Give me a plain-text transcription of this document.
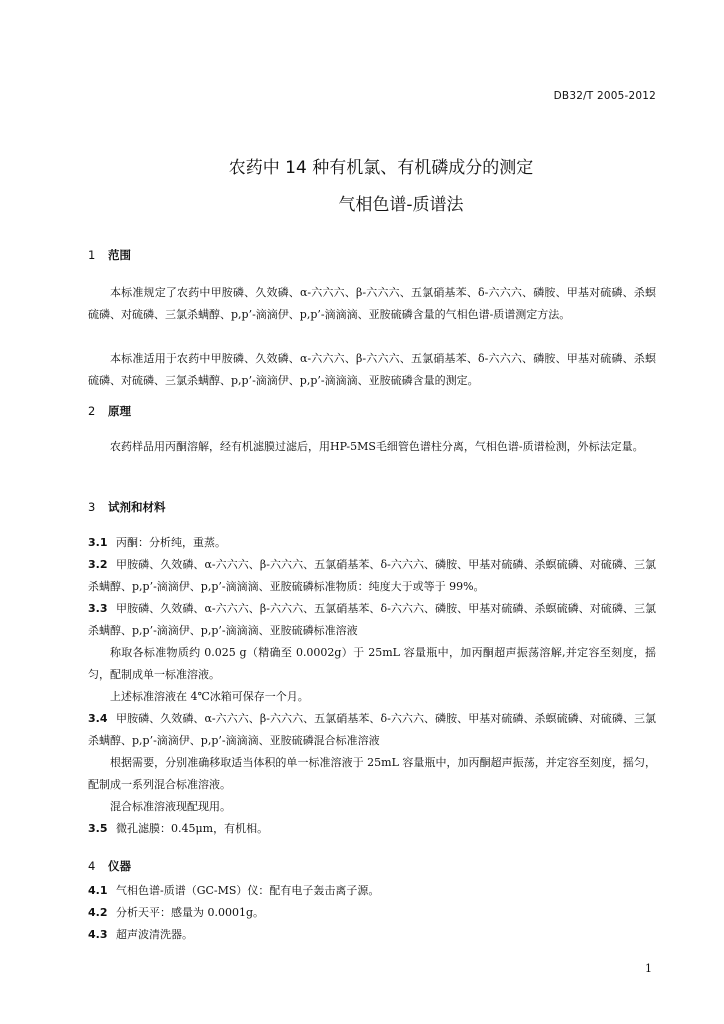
DB32/T 2005-2012
农药中 14 种有机氯、有机磷成分的测定
气相色谱-质谱法
1 范围
本标准规定了农药中甲胺磷、久效磷、α-六六六、β-六六六、五氯硝基苯、δ-六六六、磷胺、甲基对硫磷、杀螟硫磷、对硫磷、三氯杀螨醇、p,p’-滴滴伊、p,p’-滴滴滴、亚胺硫磷含量的气相色谱-质谱测定方法。
本标准适用于农药中甲胺磷、久效磷、α-六六六、β-六六六、五氯硝基苯、δ-六六六、磷胺、甲基对硫磷、杀螟硫磷、对硫磷、三氯杀螨醇、p,p’-滴滴伊、p,p’-滴滴滴、亚胺硫磷含量的测定。
2 原理
农药样品用丙酮溶解，经有机滤膜过滤后，用HP-5MS毛细管色谱柱分离，气相色谱-质谱检测，外标法定量。
3 试剂和材料
3.1 丙酮：分析纯，重蒸。
3.2 甲胺磷、久效磷、α-六六六、β-六六六、五氯硝基苯、δ-六六六、磷胺、甲基对硫磷、杀螟硫磷、对硫磷、三氯杀螨醇、p,p’-滴滴伊、p,p’-滴滴滴、亚胺硫磷标准物质：纯度大于或等于 99%。
3.3 甲胺磷、久效磷、α-六六六、β-六六六、五氯硝基苯、δ-六六六、磷胺、甲基对硫磷、杀螟硫磷、对硫磷、三氯杀螨醇、p,p’-滴滴伊、p,p’-滴滴滴、亚胺硫磷标准溶液
称取各标准物质约 0.025 g（精确至 0.0002g）于 25mL 容量瓶中，加丙酮超声振荡溶解,并定容至刻度，摇匀，配制成单一标准溶液。
上述标准溶液在 4℃冰箱可保存一个月。
3.4 甲胺磷、久效磷、α-六六六、β-六六六、五氯硝基苯、δ-六六六、磷胺、甲基对硫磷、杀螟硫磷、对硫磷、三氯杀螨醇、p,p’-滴滴伊、p,p’-滴滴滴、亚胺硫磷混合标准溶液
根据需要，分别准确移取适当体积的单一标准溶液于 25mL 容量瓶中，加丙酮超声振荡，并定容至刻度，摇匀，配制成一系列混合标准溶液。
混合标准溶液现配现用。
3.5 微孔滤膜：0.45μm，有机相。
4 仪器
4.1 气相色谱-质谱（GC-MS）仪：配有电子轰击离子源。
4.2 分析天平：感量为 0.0001g。
4.3 超声波清洗器。
1
